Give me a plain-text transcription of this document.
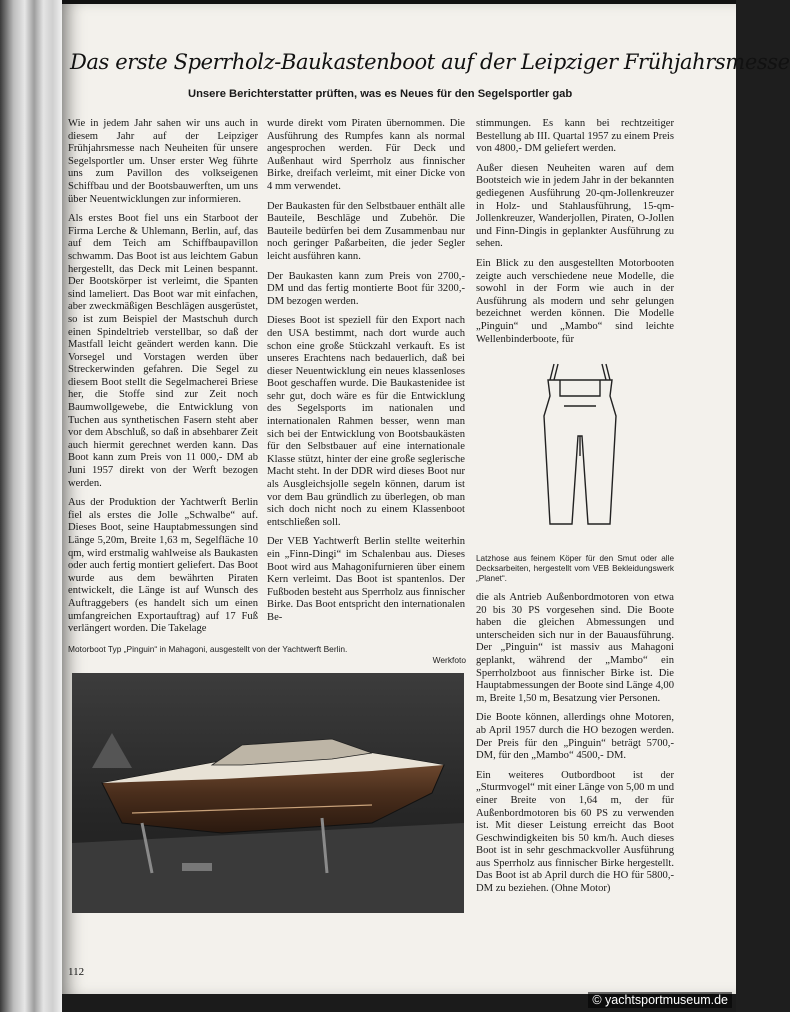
Das erste Sperrholz-Baukastenboot auf der Leipziger Frühjahrsmesse
Unsere Berichterstatter prüften, was es Neues für den Segelsportler gab

Wie in jedem Jahr sahen wir uns auch in diesem Jahr auf der Leipziger Frühjahrsmesse nach Neuheiten für unsere Segelsportler um. Unser erster Weg führte uns zum Pavillon des volkseigenen Schiffbau und der Bootsbauwerften, um uns über Neuentwicklungen zur informieren.

Als erstes Boot fiel uns ein Starboot der Firma Lerche & Uhlemann, Berlin, auf, das auf dem Teich am Schiffbaupavillon schwamm. Das Boot ist aus leichtem Gabun hergestellt, das Deck mit Leinen bespannt. Der Bootskörper ist verleimt, die Spanten sind lameliert. Das Boot war mit einfachen, aber zweckmäßigen Beschlägen ausgerüstet, so ist zum Beispiel der Mastschuh durch einen Spindeltrieb verstellbar, so daß der Mastfall leicht geändert werden kann. Die Vorsegel und Vorstagen werden über Streckerwinden gefahren. Die Segel zu diesem Boot stellt die Segelmacherei Briese her, die Stoffe sind zur Zeit noch Baumwollgewebe, die Entwicklung von Tuchen aus synthetischen Fasern steht aber vor dem Abschluß, so daß in absehbarer Zeit auch hiermit gerechnet werden kann. Das Boot kann zum Preis von 11 000,- DM ab Juni 1957 direkt von der Werft bezogen werden.

Aus der Produktion der Yachtwerft Berlin fiel als erstes die Jolle „Schwalbe“ auf. Dieses Boot, seine Hauptabmessungen sind Länge 5,20m, Breite 1,63 m, Segelfläche 10 qm, wird erstmalig wahlweise als Baukasten oder auch fertig montiert geliefert. Das Boot wurde aus dem bewährten Piraten entwickelt, die Länge ist auf Wunsch des Auftraggebers (es handelt sich um einen umfangreichen Exportauftrag) auf 17 Fuß verlängert worden. Die Takelage

wurde direkt vom Piraten übernommen. Die Ausführung des Rumpfes kann als normal angesprochen werden. Für Deck und Außenhaut wird Sperrholz aus finnischer Birke, dreifach verleimt, mit einer Dicke von 4 mm verwendet.

Der Baukasten für den Selbstbauer enthält alle Bauteile, Beschläge und Zubehör. Die Bauteile bedürfen bei dem Zusammenbau nur noch geringer Paßarbeiten, die jeder Segler leicht ausführen kann.

Der Baukasten kann zum Preis von 2700,- DM und das fertig montierte Boot für 3200,- DM bezogen werden.

Dieses Boot ist speziell für den Export nach den USA bestimmt, nach dort wurde auch schon eine große Stückzahl verkauft. Es ist unseres Erachtens nach bedauerlich, daß bei dieser Neuentwicklung ein neues klassenloses Boot geschaffen wurde. Die Baukastenidee ist sehr gut, doch wäre es für die Entwicklung des Segelsports im nationalen und internationalen Rahmen besser, wenn man sich bei der Entwicklung von Bootsbaukästen für den Selbstbauer auf eine internationale Klasse stützt, hinter der eine große seglerische Macht steht. In der DDR wird dieses Boot nur als Ausgleichsjolle segeln können, darum ist vor dem Bau gründlich zu überlegen, ob man sich doch nicht noch zu einem Klassenboot entschließen soll.

Der VEB Yachtwerft Berlin stellte weiterhin ein „Finn-Dingi“ im Schalenbau aus. Dieses Boot wird aus Mahagonifurnieren über einem Kern verleimt. Das Boot ist spantenlos. Der Fußboden besteht aus Sperrholz aus finnischer Birke. Das Boot entspricht den internationalen Be-

stimmungen. Es kann bei rechtzeitiger Bestellung ab III. Quartal 1957 zu einem Preis von 4800,- DM geliefert werden.

Außer diesen Neuheiten waren auf dem Bootsteich wie in jedem Jahr in der bekannten gediegenen Ausführung 20-qm-Jollenkreuzer in Holz- und Stahlausführung, 15-qm-Jollenkreuzer, Wanderjollen, Piraten, O-Jollen und Finn-Dingis in geplankter Ausführung zu sehen.

Ein Blick zu den ausgestellten Motorbooten zeigte auch verschiedene neue Modelle, die sowohl in der Form wie auch in der Ausführung als modern und sehr gelungen bezeichnet werden können. Die Modelle „Pinguin“ und „Mambo“ sind leichte Wellenbinderboote, für

Latzhose aus feinem Köper für den Smut oder alle Decksarbeiten, hergestellt vom VEB Bekleidungswerk „Planet“.

die als Antrieb Außenbordmotoren von etwa 20 bis 30 PS vorgesehen sind. Die Boote haben die gleichen Abmessungen und unterscheiden sich nur in der Bauausführung. Der „Pinguin“ ist massiv aus Mahagoni geplankt, während der „Mambo“ ein Sperrholzboot aus finnischer Birke ist. Die Hauptabmessungen der Boote sind Länge 4,00 m, Breite 1,50 m, Besatzung vier Personen.

Die Boote können, allerdings ohne Motoren, ab April 1957 durch die HO bezogen werden. Der Preis für den „Pinguin“ beträgt 5700,- DM, für den „Mambo“ 4500,- DM.

Ein weiteres Outbordboot ist der „Sturmvogel“ mit einer Länge von 5,00 m und einer Breite von 1,64 m, der für Außenbordmotoren bis 60 PS zu verwenden ist. Mit dieser Leistung erreicht das Boot Geschwindigkeiten bis 50 km/h. Auch dieses Boot ist in sehr geschmackvoller Ausführung aus Sperrholz aus finnischer Birke hergestellt. Das Boot ist ab April durch die HO für 5800,- DM zu beziehen. (Ohne Motor)

Motorboot Typ „Pinguin“ in Mahagoni, ausgestellt von der Yachtwerft Berlin.
Werkfoto
112
© yachtsportmuseum.de
